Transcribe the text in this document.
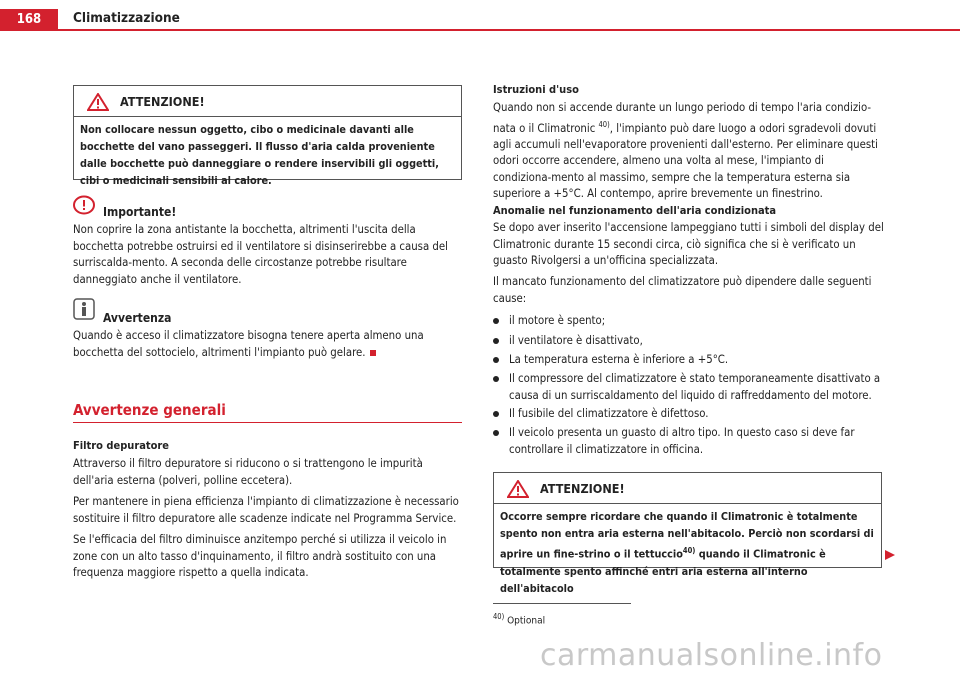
168	Climatizzazione
ATTENZIONE!
Non collocare nessun oggetto, cibo o medicinale davanti alle bocchette del vano passeggeri. Il flusso d'aria calda proveniente dalle bocchette può danneggiare o rendere inservibili gli oggetti, cibi o medicinali sensibili al calore.
Importante!
Non coprire la zona antistante la bocchetta, altrimenti l'uscita della bocchetta potrebbe ostruirsi ed il ventilatore si disinserirebbe a causa del surriscalda-mento. A seconda delle circostanze potrebbe risultare danneggiato anche il ventilatore.
Avvertenza
Quando è acceso il climatizzatore bisogna tenere aperta almeno una bocchetta del sottocielo, altrimenti l'impianto può gelare.
Avvertenze generali
Filtro depuratore
Attraverso il filtro depuratore si riducono o si trattengono le impurità dell'aria esterna (polveri, polline eccetera).
Per mantenere in piena efficienza l'impianto di climatizzazione è necessario sostituire il filtro depuratore alle scadenze indicate nel Programma Service.
Se l'efficacia del filtro diminuisce anzitempo perché si utilizza il veicolo in zone con un alto tasso d'inquinamento, il filtro andrà sostituito con una frequenza maggiore rispetto a quella indicata.
Istruzioni d'uso
Quando non si accende durante un lungo periodo di tempo l'aria condizio-nata o il Climatronic $^{40)}$, l'impianto può dare luogo a odori sgradevoli dovuti agli accumuli nell'evaporatore provenienti dall'esterno. Per eliminare questi odori occorre accendere, almeno una volta al mese, l'impianto di condiziona-mento al massimo, sempre che la temperatura esterna sia superiore a +5°C. Al contempo, aprire brevemente un finestrino.
Anomalie nel funzionamento dell'aria condizionata
Se dopo aver inserito l'accensione lampeggiano tutti i simboli del display del Climatronic durante 15 secondi circa, ciò significa che si è verificato un guasto Rivolgersi a un'officina specializzata.
Il mancato funzionamento del climatizzatore può dipendere dalle seguenti cause:
il motore è spento;
il ventilatore è disattivato,
La temperatura esterna è inferiore a +5°C.
Il compressore del climatizzatore è stato temporaneamente disattivato a causa di un surriscaldamento del liquido di raffreddamento del motore.
Il fusibile del climatizzatore è difettoso.
Il veicolo presenta un guasto di altro tipo. In questo caso si deve far controllare il climatizzatore in officina.
ATTENZIONE!
Occorre sempre ricordare che quando il Climatronic è totalmente spento non entra aria esterna nell'abitacolo. Perciò non scordarsi di aprire un fine-strino o il tettuccio$^{40)}$ quando il Climatronic è totalmente spento affinché entri aria esterna all'interno dell'abitacolo
$^{40)}$ Optional
carmanualsonline.info
